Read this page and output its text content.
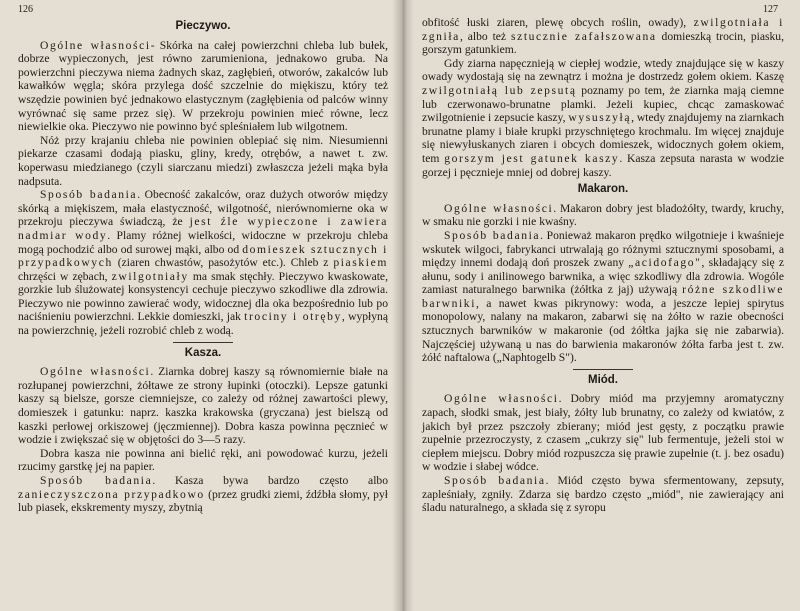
126
Pieczywo.

Ogólne własności- Skórka na całej powierzchni chleba lub bułek, dobrze wypieczonych, jest równo zarumieniona, jednakowo gruba. Na powierzchni pieczywa niema żadnych skaz, zagłębień, otworów, zakalców lub kawałków węgla; skóra przylega dość szczelnie do miękiszu, który też wszędzie powinien być jednakowo elastycznym (zagłębienia od palców winny wyrównać się same przez się). W przekroju powinien mieć równe, lecz niewielkie oka. Pieczywo nie powinno być spleśniałem lub wilgotnem.

Nóż przy krajaniu chleba nie powinien oblepiać się nim. Niesumienni piekarze czasami dodają piasku, gliny, kredy, otrębów, a nawet t. zw. koperwasu miedzianego (czyli siarczanu miedzi) zwłaszcza jeżeli mąka była nadpsuta.

Sposób badania. Obecność zakalców, oraz dużych otworów między skórką a miękiszem, mała elastyczność, wilgotność, nierównomierne oka w przekroju pieczywa świadczą, że jest źle wypieczone i zawiera nadmiar wody. Plamy różnej wielkości, widoczne w przekroju chleba mogą pochodzić albo od surowej mąki, albo od domieszek sztucznych i przypadkowych (ziaren chwastów, pasożytów etc.). Chleb z piaskiem chrzęści w zębach, zwilgotniały ma smak stęchły. Pieczywo kwaskowate, gorzkie lub ślużowatej konsystencyi cechuje pieczywo szkodliwe dla zdrowia. Pieczywo nie powinno zawierać wody, widocznej dla oka bezpośrednio lub po naciśnieniu powierzchni. Lekkie domieszki, jak trociny i otręby, wypłyną na powierzchnię, jeżeli rozrobić chleb z wodą.

Kasza.

Ogólne własności. Ziarnka dobrej kaszy są równomiernie białe na rozłupanej powierzchni, żółtawe ze strony łupinki (otoczki). Lepsze gatunki kaszy są bielsze, gorsze ciemniejsze, co zależy od różnej zawartości plewy, domieszek i gatunku: naprz. kaszka krakowska (gryczana) jest bielszą od kaszki perłowej orkiszowej (jęczmiennej). Dobra kasza powinna pęcznieć w wodzie i zwiększać się w objętości do 3—5 razy.

Dobra kasza nie powinna ani bielić ręki, ani powodować kurzu, jeżeli rzucimy garstkę jej na papier.

Sposób badania. Kasza bywa bardzo często albo zanieczyszczona przypadkowo (przez grudki ziemi, źdźbła słomy, pył lub piasek, ekskrementy myszy, zbytnią

127

obfitość łuski ziaren, plewę obcych roślin, owady), zwilgotniała i zgniła, albo też sztucznie zafałszowana domieszką trocin, piasku, gorszym gatunkiem.

Gdy ziarna napęcznieją w ciepłej wodzie, wtedy znajdujące się w kaszy owady wydostają się na zewnątrz i można je dostrzedz gołem okiem. Kaszę zwilgotniałą lub zepsutą poznamy po tem, że ziarnka mają ciemne lub czerwonawo-brunatne plamki. Jeżeli kupiec, chcąc zamaskować zwilgotnienie i zepsucie kaszy, wysuszyłą, wtedy znajdujemy na ziarnkach brunatne plamy i białe krupki przyschniętego krochmalu. Im więcej znajduje się niewyłuskanych ziaren i obcych domieszek, widocznych gołem okiem, tem gorszym jest gatunek kaszy. Kasza zepsuta narasta w wodzie gorzej i pęcznieje mniej od dobrej kaszy.

Makaron.

Ogólne własności. Makaron dobry jest bladożółty, twardy, kruchy, w smaku nie gorzki i nie kwaśny.

Sposób badania. Ponieważ makaron prędko wilgotnieje i kwaśnieje wskutek wilgoci, fabrykanci utrwalają go różnymi sztucznymi sposobami, a między innemi dodają doń proszek zwany „acidofago", składający się z ałunu, sody i anilinowego barwnika, a więc szkodliwy dla zdrowia. Wogóle zamiast naturalnego barwnika (żółtka z jaj) używają różne szkodliwe barwniki, a nawet kwas pikrynowy: woda, a jeszcze lepiej spirytus monopolowy, nalany na makaron, zabarwi się na żółto w razie obecności sztucznych barwników w makaronie (od żółtka jajka się nie zabarwia). Najczęściej używaną u nas do barwienia makaronów żółta farba jest t. zw. żółć naftalowa („Naphtogelb S").

Miód.

Ogólne własności. Dobry miód ma przyjemny aromatyczny zapach, słodki smak, jest biały, żółty lub brunatny, co zależy od kwiatów, z jakich był przez pszczoły zbierany; miód jest gęsty, z początku prawie zupełnie przezroczysty, z czasem „cukrzy się" lub fermentuje, jeżeli stoi w ciepłem miejscu. Dobry miód rozpuszcza się prawie zupełnie (t. j. bez osadu) w wodzie i słabej wódce.

Sposób badania. Miód często bywa sfermentowany, zepsuty, zapleśniały, zgniły. Zdarza się bardzo często „miód", nie zawierający ani śladu naturalnego, a składa się z syropu
